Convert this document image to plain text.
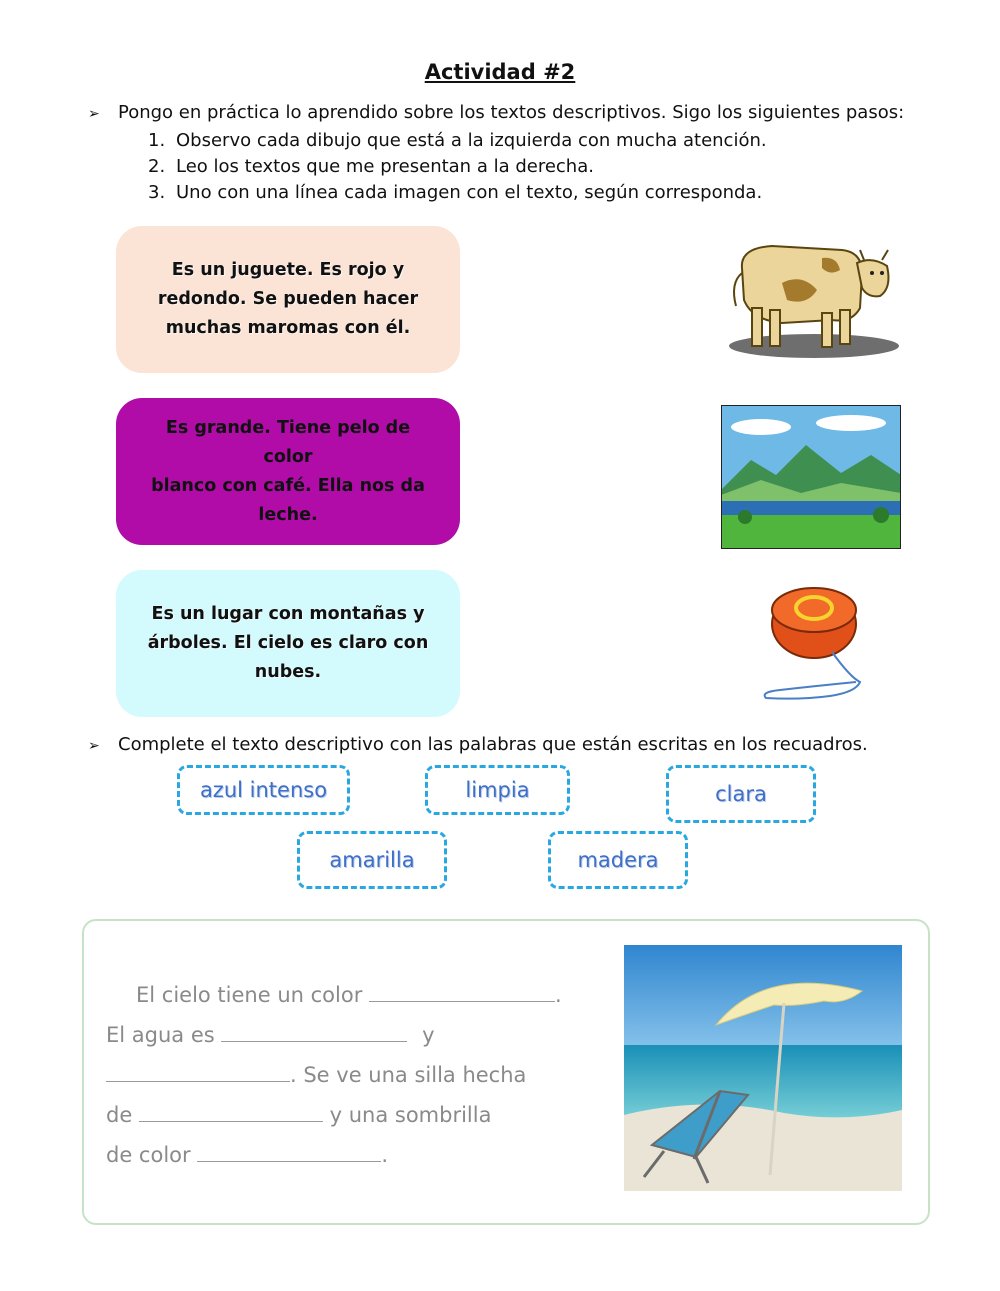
Actividad #2
➢ Pongo en práctica lo aprendido sobre los textos descriptivos. Sigo los siguientes pasos:
1. Observo cada dibujo que está a la izquierda con mucha atención.
2. Leo los textos que me presentan a la derecha.
3. Uno con una línea cada imagen con el texto, según corresponda.
Es un juguete. Es rojo y
redondo. Se pueden hacer
muchas maromas con él.
Es grande. Tiene pelo de color
blanco con café. Ella nos da
leche.
Es un lugar con montañas y
árboles. El cielo es claro con
nubes.
➢ Complete el texto descriptivo con las palabras que están escritas en los recuadros.
azul intenso	limpia	clara
amarilla	madera
El cielo tiene un color	.
El agua es	y
. Se ve una silla hecha
de	y una sombrilla
de color	.
